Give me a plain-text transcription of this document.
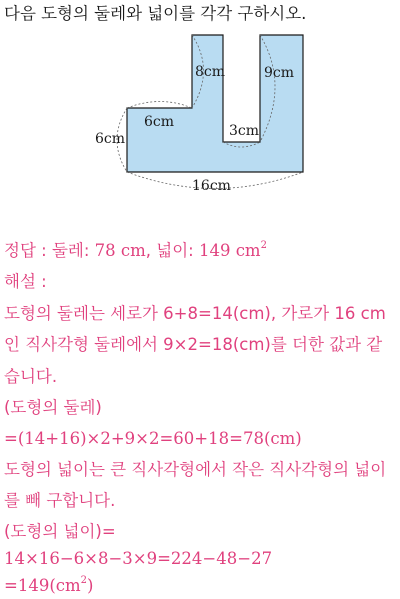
다음 도형의 둘레와 넓이를 각각 구하시오.
8cm	9cm
6cm
3cm
6cm
16cm
정답 : 둘레: 78 cm, 넓이: 149 $cm^2$
해설 :
도형의 둘레는 세로가 6+8=14(cm), 가로가 16 cm
인 직사각형 둘레에서 9×2=18(cm)를 더한 값과 같
습니다.
(도형의 둘레)
=(14+16)×2+9×2=60+18=78(cm)
도형의 넓이는 큰 직사각형에서 작은 직사각형의 넓이
를 빼 구합니다.
(도형의 넓이)=
14×16−6×8−3×9=224−48−27
$=149(cm^2)$
